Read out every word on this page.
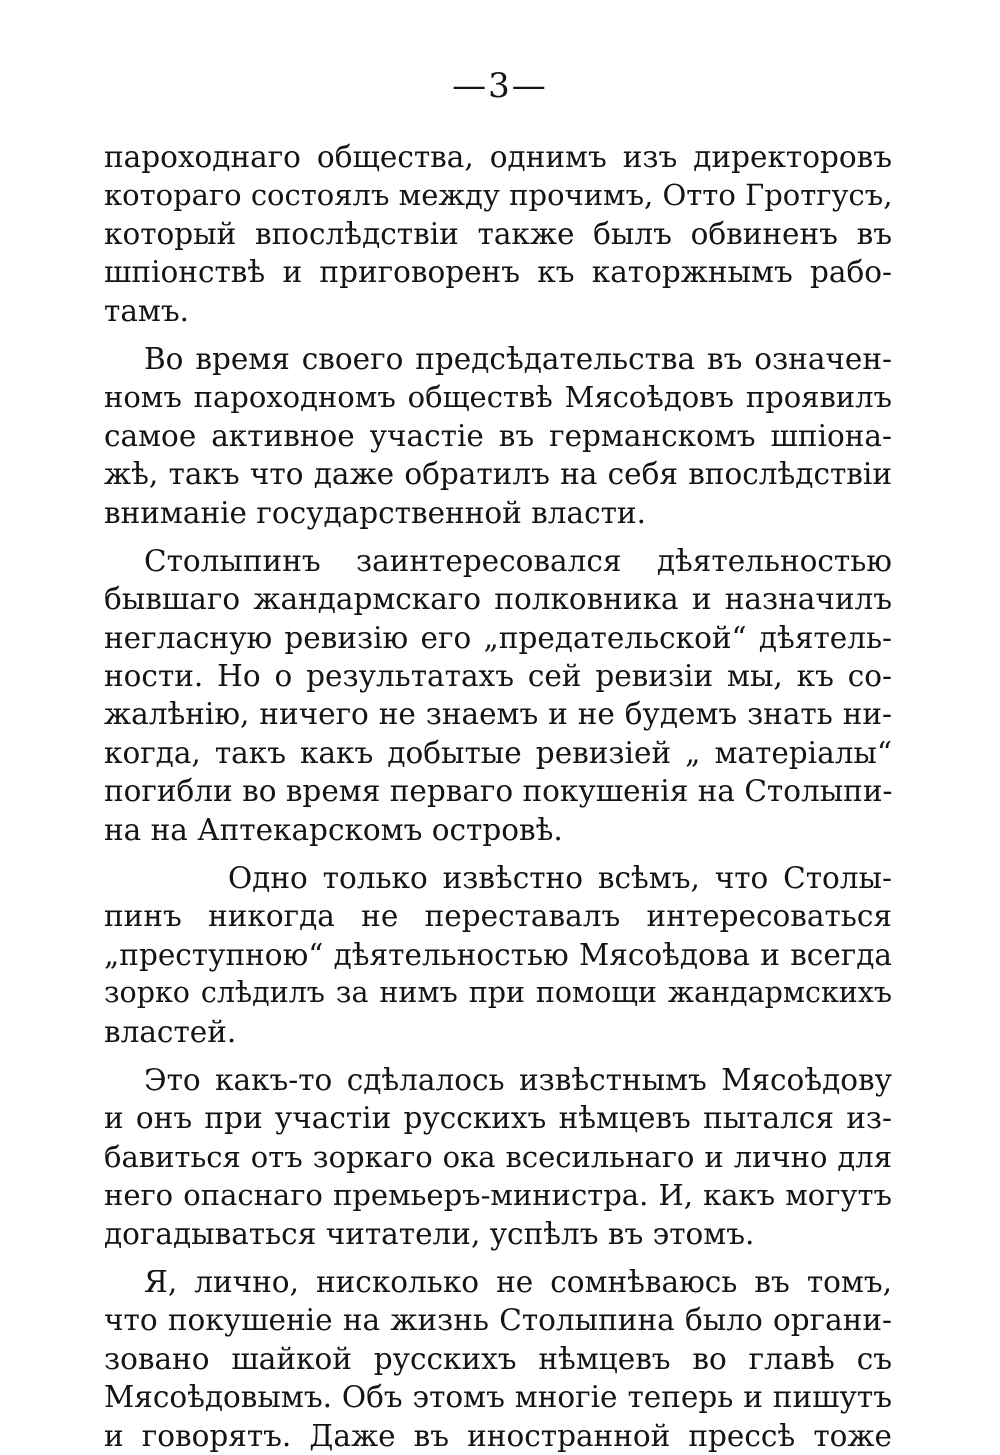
—3—
пароходнаго общества, однимъ изъ директоровъ
котораго состоялъ между прочимъ, Отто Гротгусъ,
который впослѣдствіи также былъ обвиненъ въ
шпіонствѣ и приговоренъ къ каторжнымъ рабо-
тамъ.
Во время своего предсѣдательства въ означен-
номъ пароходномъ обществѣ Мясоѣдовъ проявилъ
самое активное участіе въ германскомъ шпіона-
жѣ, такъ что даже обратилъ на себя впослѣдствіи
вниманіе государственной власти.
Столыпинъ заинтересовался дѣятельностью
бывшаго жандармскаго полковника и назначилъ
негласную ревизію его „предательской“ дѣятель-
ности. Но о результатахъ сей ревизіи мы, къ со-
жалѣнію, ничего не знаемъ и не будемъ знать ни-
когда, такъ какъ добытые ревизіей „ матеріалы“
погибли во время перваго покушенія на Столыпи-
на на Аптекарскомъ островѣ.
Одно только извѣстно всѣмъ, что Столы-
пинъ никогда не переставалъ интересоваться
„преступною“ дѣятельностью Мясоѣдова и всегда
зорко слѣдилъ за нимъ при помощи жандармскихъ
властей.
Это какъ-то сдѣлалось извѣстнымъ Мясоѣдову
и онъ при участіи русскихъ нѣмцевъ пытался из-
бавиться отъ зоркаго ока всесильнаго и лично для
него опаснаго премьеръ-министра. И, какъ могутъ
догадываться читатели, успѣлъ въ этомъ.
Я, лично, нисколько не сомнѣваюсь въ томъ,
что покушеніе на жизнь Столыпина было органи-
зовано шайкой русскихъ нѣмцевъ во главѣ съ
Мясоѣдовымъ. Объ этомъ многіе теперь и пишутъ
и говорятъ. Даже въ иностранной прессѣ тоже
